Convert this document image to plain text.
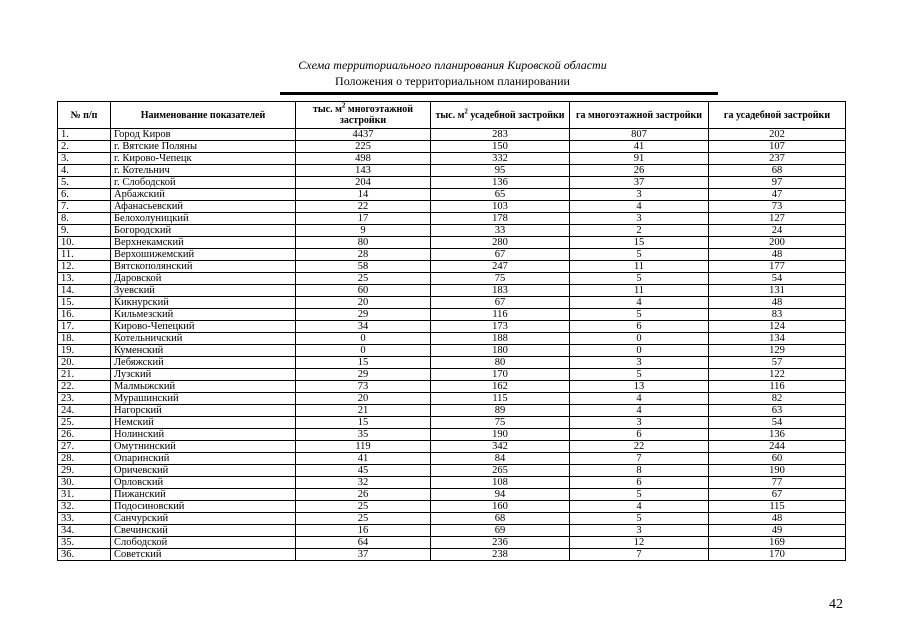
Схема территориального планирования Кировской области
Положения о территориальном планировании
№ п/п	Наименование показателей	тыс. $м^2$ многоэтажной застройки	тыс. $м^2$ усадебной застройки	га многоэтажной застройки	га усадебной застройки
1.	Город Киров	4437	283	807	202
2.	г. Вятские Поляны	225	150	41	107
3.	г. Кирово-Чепецк	498	332	91	237
4.	г. Котельнич	143	95	26	68
5.	г. Слободской	204	136	37	97
6.	Арбажский	14	65	3	47
7.	Афанасьевский	22	103	4	73
8.	Белохолуницкий	17	178	3	127
9.	Богородский	9	33	2	24
10.	Верхнекамский	80	280	15	200
11.	Верхошижемский	28	67	5	48
12.	Вятскополянский	58	247	11	177
13.	Даровской	25	75	5	54
14.	Зуевский	60	183	11	131
15.	Кикнурский	20	67	4	48
16.	Кильмезский	29	116	5	83
17.	Кирово-Чепецкий	34	173	6	124
18.	Котельничский	0	188	0	134
19.	Куменский	0	180	0	129
20.	Лебяжский	15	80	3	57
21.	Лузский	29	170	5	122
22.	Малмыжский	73	162	13	116
23.	Мурашинский	20	115	4	82
24.	Нагорский	21	89	4	63
25.	Немский	15	75	3	54
26.	Нолинский	35	190	6	136
27.	Омутнинский	119	342	22	244
28.	Опаринский	41	84	7	60
29.	Оричевский	45	265	8	190
30.	Орловский	32	108	6	77
31.	Пижанский	26	94	5	67
32.	Подосиновский	25	160	4	115
33.	Санчурский	25	68	5	48
34.	Свечинский	16	69	3	49
35.	Слободской	64	236	12	169
36.	Советский	37	238	7	170
42
